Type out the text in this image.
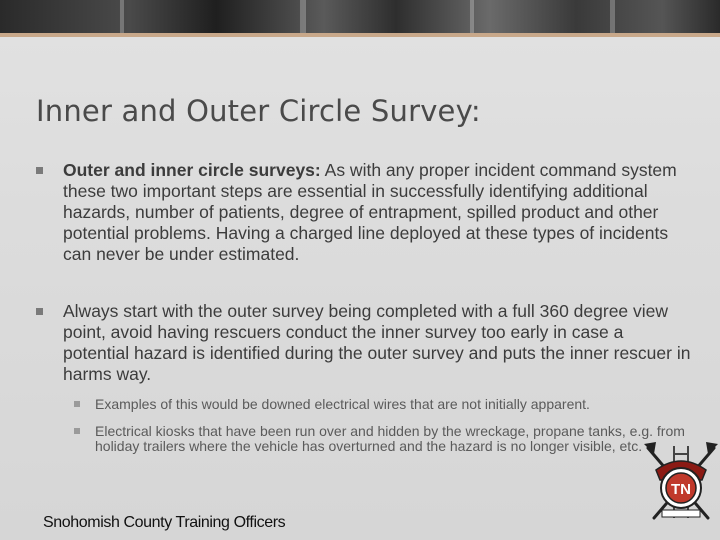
Inner and Outer Circle Survey:
Outer and inner circle surveys: As with any proper incident command system these two important steps are essential in successfully identifying additional hazards, number of patients, degree of entrapment, spilled product and other potential problems. Having a charged line deployed at these types of incidents can never be under estimated.
Always start with the outer survey being completed with a full 360 degree view point, avoid having rescuers conduct the inner survey too early in case a potential hazard is identified during the outer survey and puts the inner rescuer in harms way.
Examples of this would be downed electrical wires that are not initially apparent.
Electrical kiosks that have been run over and hidden by the wreckage, propane tanks, e.g. from holiday trailers where the vehicle has overturned and the hazard is no longer visible, etc.
Snohomish County Training Officers
TN
